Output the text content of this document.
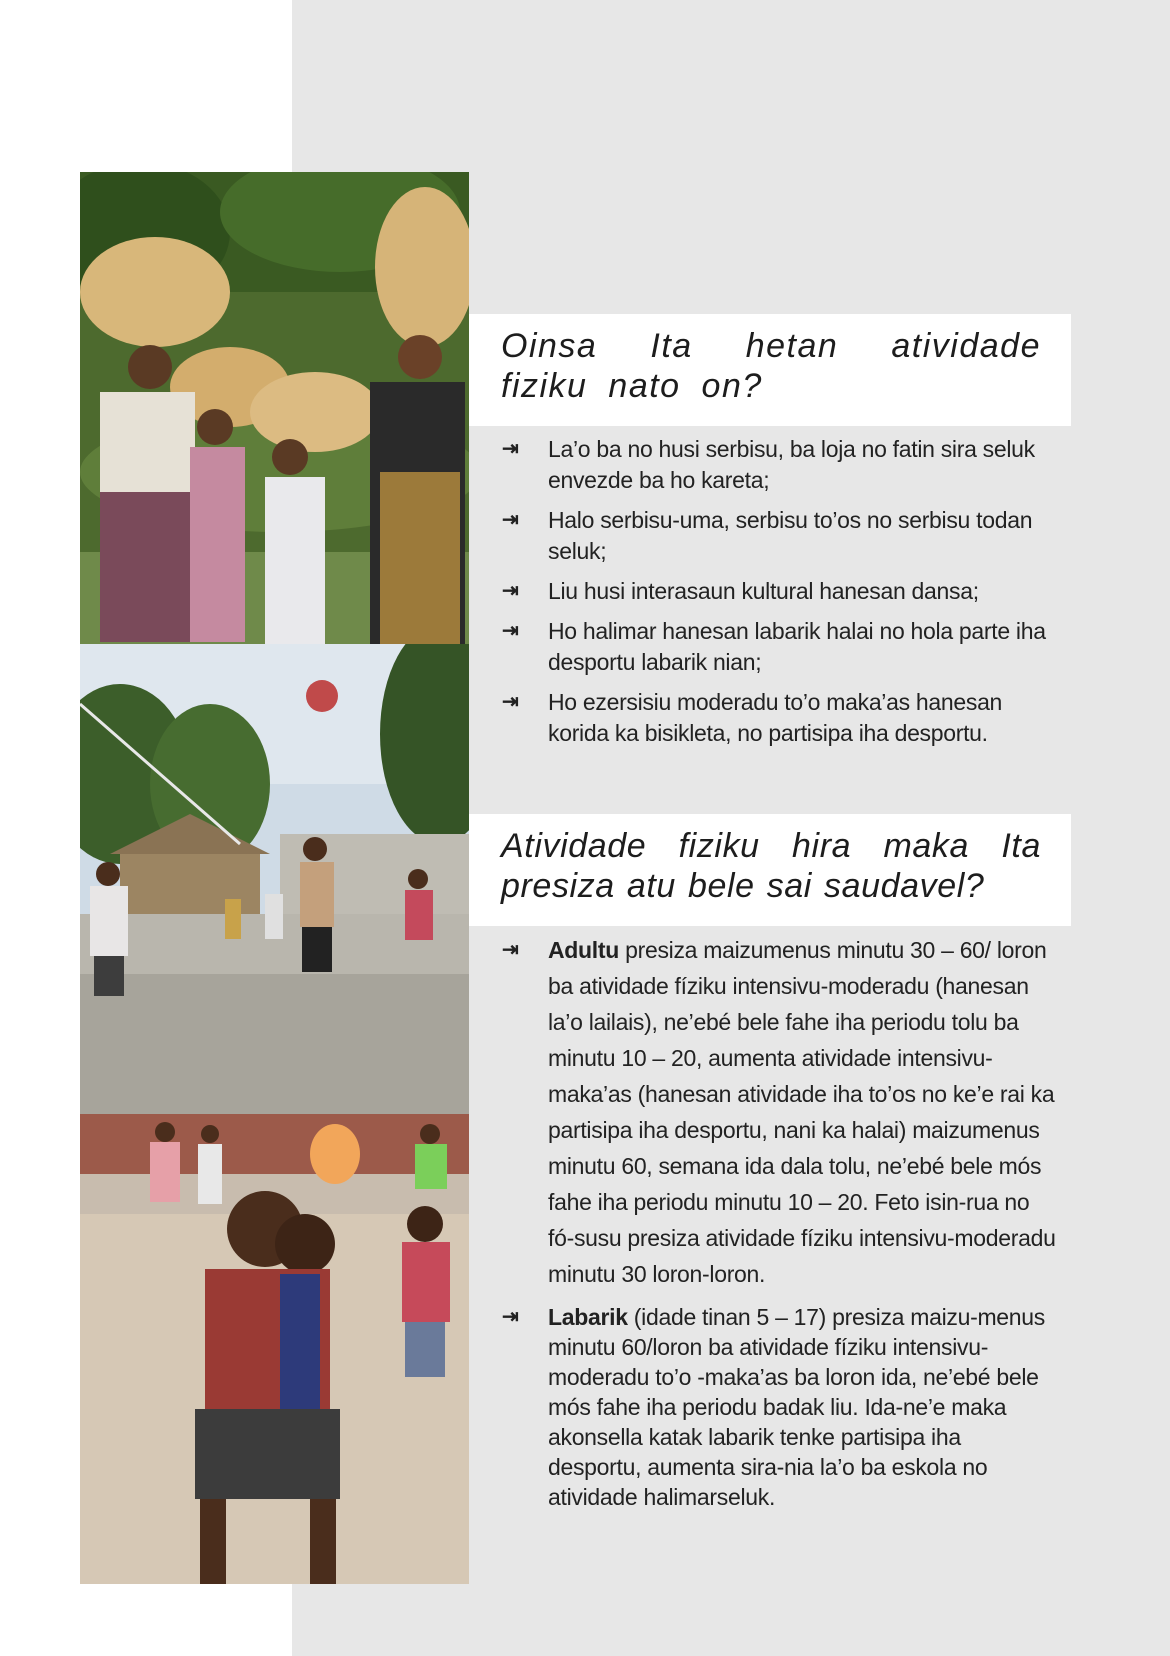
Oinsa Ita hetan atividade fiziku nato on?
⇥ La’o ba no husi serbisu, ba loja no fatin sira seluk envezde ba ho kareta;
⇥ Halo serbisu-uma, serbisu to’os no serbisu todan seluk;
⇥ Liu husi interasaun kultural hanesan dansa;
⇥ Ho halimar hanesan labarik halai no hola parte iha desportu labarik nian;
⇥ Ho ezersisiu moderadu to’o maka’as hanesan korida ka bisikleta, no partisipa iha desportu.
Atividade fiziku hira maka Ita presiza atu bele sai saudavel?
⇥ Adultu presiza maizumenus minutu 30 – 60/ loron ba atividade fíziku intensivu-moderadu (hanesan la’o lailais), ne’ebé bele fahe iha periodu tolu ba minutu 10 – 20, aumenta atividade intensivu-maka’as (hanesan atividade iha to’os no ke’e rai ka partisipa iha desportu, nani ka halai) maizumenus minutu 60, semana ida dala tolu, ne’ebé bele mós fahe iha periodu minutu 10 – 20. Feto isin-rua no fó-susu presiza atividade fíziku intensivu-moderadu minutu 30 loron-loron.
⇥ Labarik (idade tinan 5 – 17) presiza maizu-menus minutu 60/loron ba atividade fíziku intensivu-moderadu to’o -maka’as ba loron ida, ne’ebé bele mós fahe iha periodu badak liu. Ida-ne’e maka akonsella katak labarik tenke partisipa iha desportu, aumenta sira-nia la’o ba eskola no atividade halimarseluk.
